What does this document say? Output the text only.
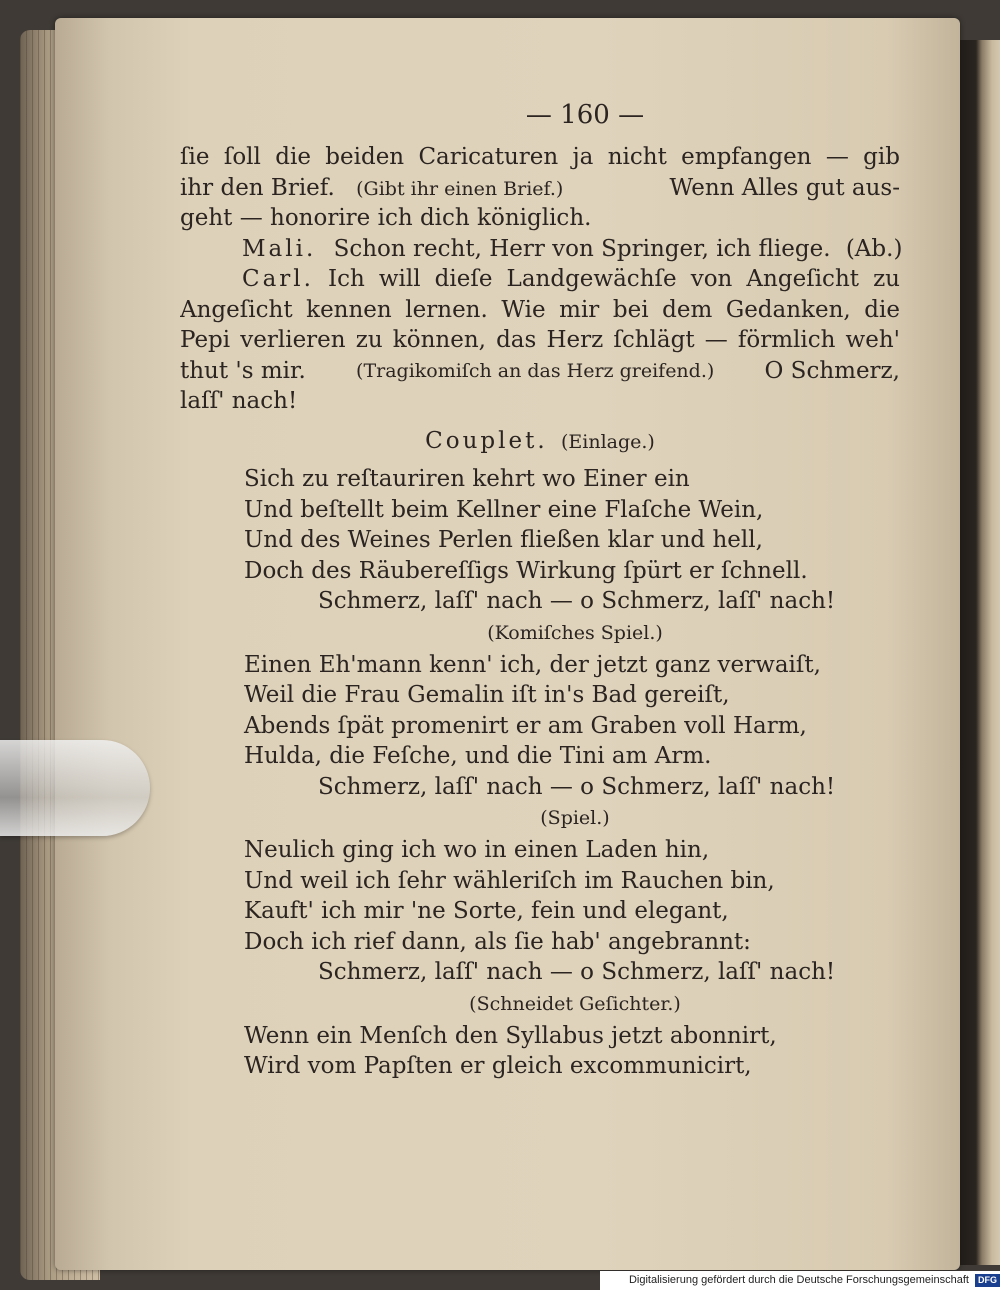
— 160 —
ſie ſoll die beiden Caricaturen ja nicht empfangen — gib
ihr den Brief. (Gibt ihr einen Brief.)	Wenn Alles gut aus-
geht — honorire ich dich königlich.
Mali. Schon recht, Herr von Springer, ich fliege. (Ab.)
Carl. Ich will dieſe Landgewächſe von Angeſicht zu
Angeſicht kennen lernen. Wie mir bei dem Gedanken, die
Pepi verlieren zu können, das Herz ſchlägt — förmlich weh'
thut 's mir.	(Tragikomiſch an das Herz greifend.) O Schmerz,
laſſ' nach!
Couplet. (Einlage.)
Sich zu reſtauriren kehrt wo Einer ein
Und beſtellt beim Kellner eine Flaſche Wein,
Und des Weines Perlen fließen klar und hell,
Doch des Räubereſſigs Wirkung ſpürt er ſchnell.
Schmerz, laſſ' nach — o Schmerz, laſſ' nach!
(Komiſches Spiel.)
Einen Eh'mann kenn' ich, der jetzt ganz verwaiſt,
Weil die Frau Gemalin iſt in's Bad gereiſt,
Abends ſpät promenirt er am Graben voll Harm,
Hulda, die Feſche, und die Tini am Arm.
Schmerz, laſſ' nach — o Schmerz, laſſ' nach!
(Spiel.)
Neulich ging ich wo in einen Laden hin,
Und weil ich ſehr wähleriſch im Rauchen bin,
Kauft' ich mir 'ne Sorte, fein und elegant,
Doch ich rief dann, als ſie hab' angebrannt:
Schmerz, laſſ' nach — o Schmerz, laſſ' nach!
(Schneidet Geſichter.)
Wenn ein Menſch den Syllabus jetzt abonnirt,
Wird vom Papſten er gleich excommunicirt,
Digitalisierung gefördert durch die Deutsche Forschungsgemeinschaft DFG
